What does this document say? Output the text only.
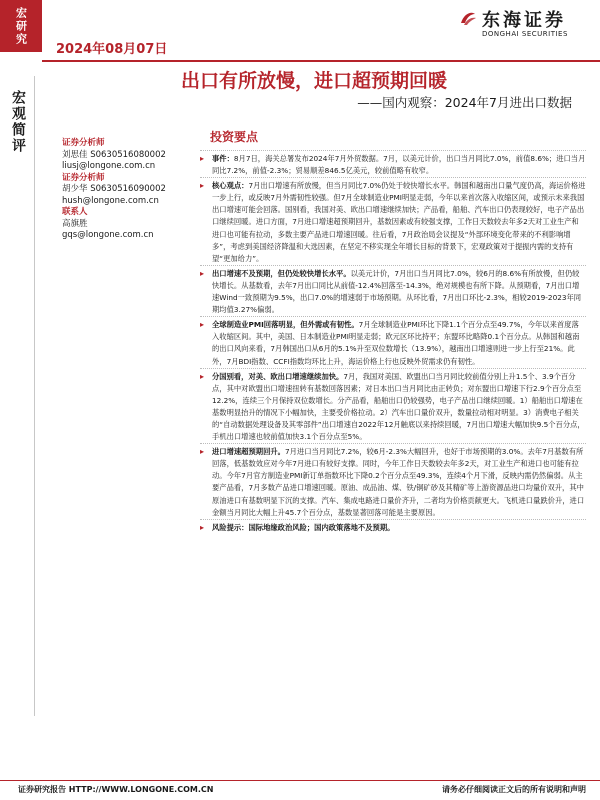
宏研究
2024年08月07日
东海证券
DONGHAI SECURITIES
宏观简评
出口有所放慢，进口超预期回暖
——国内观察：2024年7月进出口数据
证券分析师
刘思佳 S0630516080002
liusj@longone.com.cn
证券分析师
胡少华 S0630516090002
hush@longone.com.cn
联系人
高旗胜
gqs@longone.com.cn
投资要点
▸ 事件：8月7日，海关总署发布2024年7月外贸数据。7月，以美元计价，出口当月同比7.0%，前值8.6%；进口当月同比7.2%，前值-2.3%；贸易顺差846.5亿美元，较前值略有收窄。
▸ 核心观点：7月出口增速有所放慢，但当月同比7.0%仍处于较快增长水平。韩国和越南出口量气度仍高，海运价格进一步上行，或反映7月外需韧性较强。但7月全球制造业PMI明显走弱，今年以来首次落入收缩区间，或预示未来我国出口增速可能会回落。国别看，我国对美、欧出口增速继续加快；产品看，船舶、汽车出口仍表现较好，电子产品出口继续回暖。进口方面，7月进口增速超预期回升，基数因素或有较强支撑，工作日天数较去年多2天对工业生产和进口也可能有拉动，多数主要产品进口增速回暖。往后看，7月政治局会议提及“外部环境变化带来的不利影响增多”，考虑到美国经济降温和大选因素，在坚定不移实现全年增长目标的背景下，宏观政策对于提振内需的支持有望“更加给力”。
▸ 出口增速不及预期，但仍处较快增长水平。以美元计价，7月出口当月同比7.0%，较6月的8.6%有所放慢，但仍较快增长。从基数看，去年7月出口同比从前值-12.4%回落至-14.3%，绝对规模也有所下降。从预期看，7月出口增速Wind一致预期为9.5%，出口7.0%的增速弱于市场预期。从环比看，7月出口环比-2.3%，相较2019-2023年同期均值3.27%偏弱。
▸ 全球制造业PMI回落明显，但外需或有韧性。7月全球制造业PMI环比下降1.1个百分点至49.7%，今年以来首度落入收缩区间。其中，美国、日本制造业PMI明显走弱；欧元区环比持平；东盟环比略降0.1个百分点。从韩国和越南的出口风向来看，7月韩国出口从6月的5.1%升至双位数增长（13.9%），越南出口增速则进一步上行至21%。此外，7月BDI指数、CCFI指数均环比上升，海运价格上行也反映外贸需求仍有韧性。
▸ 分国别看，对美、欧出口增速继续加快。7月，我国对美国、欧盟出口当月同比较前值分别上升1.5个、3.9个百分点，其中对欧盟出口增速扭转有基数回落因素；对日本出口当月同比由正转负；对东盟出口增速下行2.9个百分点至12.2%，连续三个月保持双位数增长。分产品看，船舶出口仍较强势，电子产品出口继续回暖。1）船舶出口增速在基数明显抬升的情况下小幅加快，主要受价格拉动。2）汽车出口量价双升，数量拉动相对明显。3）消费电子相关的“自动数据处理设备及其零部件”出口增速自2022年12月触底以来持续回暖，7月出口增速大幅加快9.5个百分点，手机出口增速也较前值加快3.1个百分点至5%。
▸ 进口增速超预期回升。7月进口当月同比7.2%，较6月-2.3%大幅回升，也好于市场预期的3.0%。去年7月基数有所回落，低基数效应对今年7月进口有较好支撑。同时，今年工作日天数较去年多2天，对工业生产和进口也可能有拉动。今年7月官方制造业PMI新订单指数环比下降0.2个百分点至49.3%，连续4个月下滑，反映内需仍然偏弱。从主要产品看，7月多数产品进口增速回暖。原油、成品油、煤、铁/铜矿砂及其精矿等上游资源品进口均量价双升，其中原油进口有基数明显下沉的支撑。汽车、集成电路进口量价齐升，二者均为价格贡献更大。飞机进口量跌价升，进口金额当月同比大幅上升45.7个百分点，基数显著回落可能是主要原因。
▸ 风险提示：国际地缘政治风险；国内政策落地不及预期。
证券研究报告 HTTP://WWW.LONGONE.COM.CN	请务必仔细阅读正文后的所有说明和声明
